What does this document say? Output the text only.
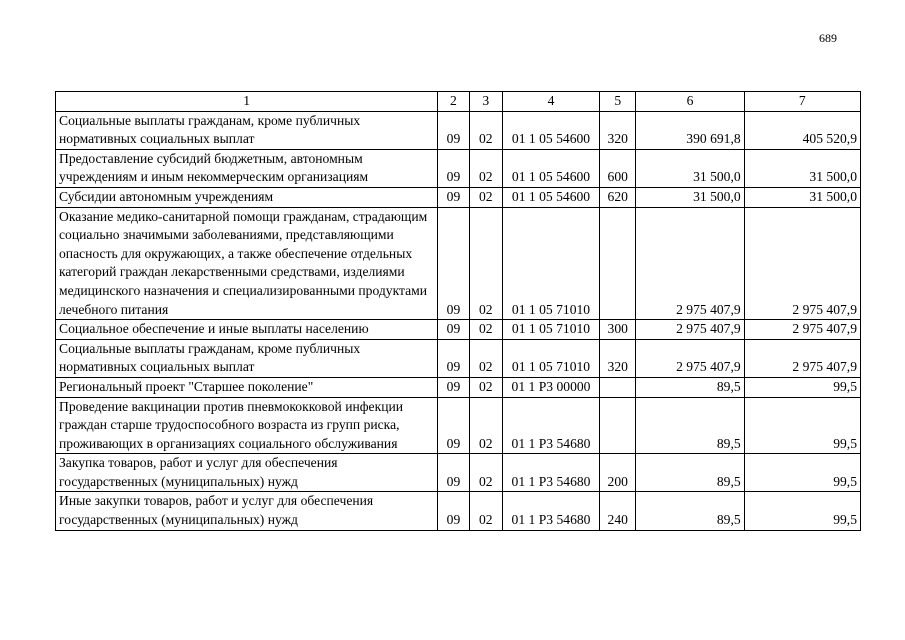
689
1	2	3	4	5	6	7
Социальные выплаты гражданам, кроме публичных нормативных социальных выплат	09	02	01 1 05 54600	320	390 691,8	405 520,9
Предоставление субсидий бюджетным, автономным учреждениям и иным некоммерческим организациям	09	02	01 1 05 54600	600	31 500,0	31 500,0
Субсидии автономным учреждениям	09	02	01 1 05 54600	620	31 500,0	31 500,0
Оказание медико-санитарной помощи гражданам, страдающим социально значимыми заболеваниями, представляющими опасность для окружающих, а также обеспечение отдельных категорий граждан лекарственными средствами, изделиями медицинского назначения и специализированными продуктами лечебного питания	09	02	01 1 05 71010		2 975 407,9	2 975 407,9
Социальное обеспечение и иные выплаты населению	09	02	01 1 05 71010	300	2 975 407,9	2 975 407,9
Социальные выплаты гражданам, кроме публичных нормативных социальных выплат	09	02	01 1 05 71010	320	2 975 407,9	2 975 407,9
Региональный проект "Старшее поколение"	09	02	01 1 P3 00000		89,5	99,5
Проведение вакцинации против пневмококковой инфекции граждан старше трудоспособного возраста из групп риска, проживающих в организациях социального обслуживания	09	02	01 1 P3 54680		89,5	99,5
Закупка товаров, работ и услуг для обеспечения государственных (муниципальных) нужд	09	02	01 1 P3 54680	200	89,5	99,5
Иные закупки товаров, работ и услуг для обеспечения государственных (муниципальных) нужд	09	02	01 1 P3 54680	240	89,5	99,5
